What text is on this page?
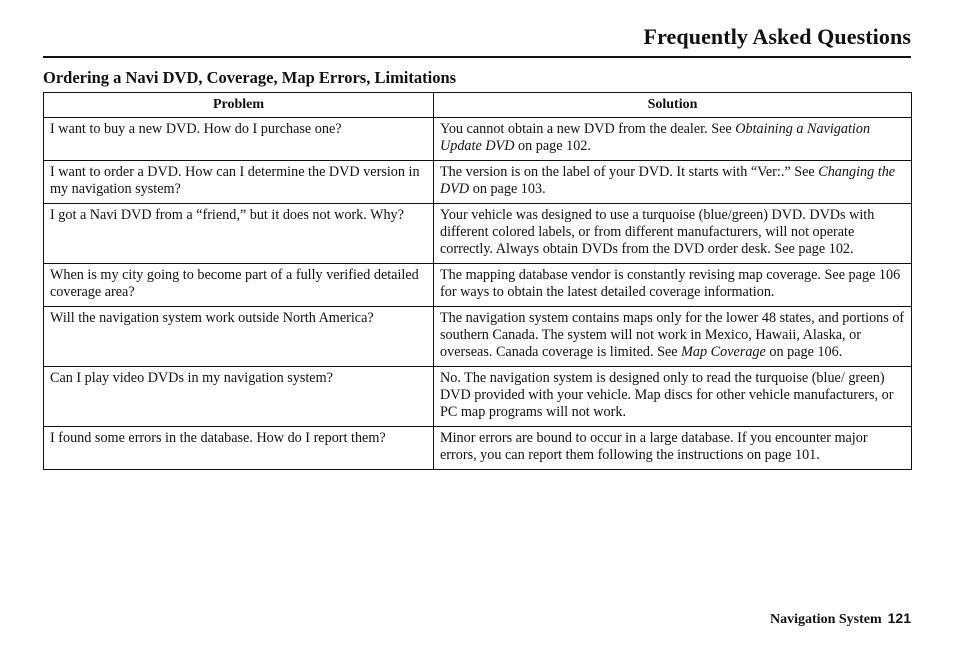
Frequently Asked Questions
Ordering a Navi DVD, Coverage, Map Errors, Limitations
Problem	Solution
I want to buy a new DVD. How do I purchase one?	You cannot obtain a new DVD from the dealer. See Obtaining a Navigation Update DVD on page 102.
I want to order a DVD. How can I determine the DVD version in my navigation system?	The version is on the label of your DVD. It starts with “Ver:.” See Changing the DVD on page 103.
I got a Navi DVD from a “friend,” but it does not work. Why?	Your vehicle was designed to use a turquoise (blue/green) DVD. DVDs with different colored labels, or from different manufacturers, will not operate correctly. Always obtain DVDs from the DVD order desk. See page 102.
When is my city going to become part of a fully verified detailed coverage area?	The mapping database vendor is constantly revising map coverage. See page 106 for ways to obtain the latest detailed coverage information.
Will the navigation system work outside North America?	The navigation system contains maps only for the lower 48 states, and portions of southern Canada. The system will not work in Mexico, Hawaii, Alaska, or overseas. Canada coverage is limited. See Map Coverage on page 106.
Can I play video DVDs in my navigation system?	No. The navigation system is designed only to read the turquoise (blue/ green) DVD provided with your vehicle. Map discs for other vehicle manufacturers, or PC map programs will not work.
I found some errors in the database. How do I report them?	Minor errors are bound to occur in a large database. If you encounter major errors, you can report them following the instructions on page 101.
Navigation System 121
